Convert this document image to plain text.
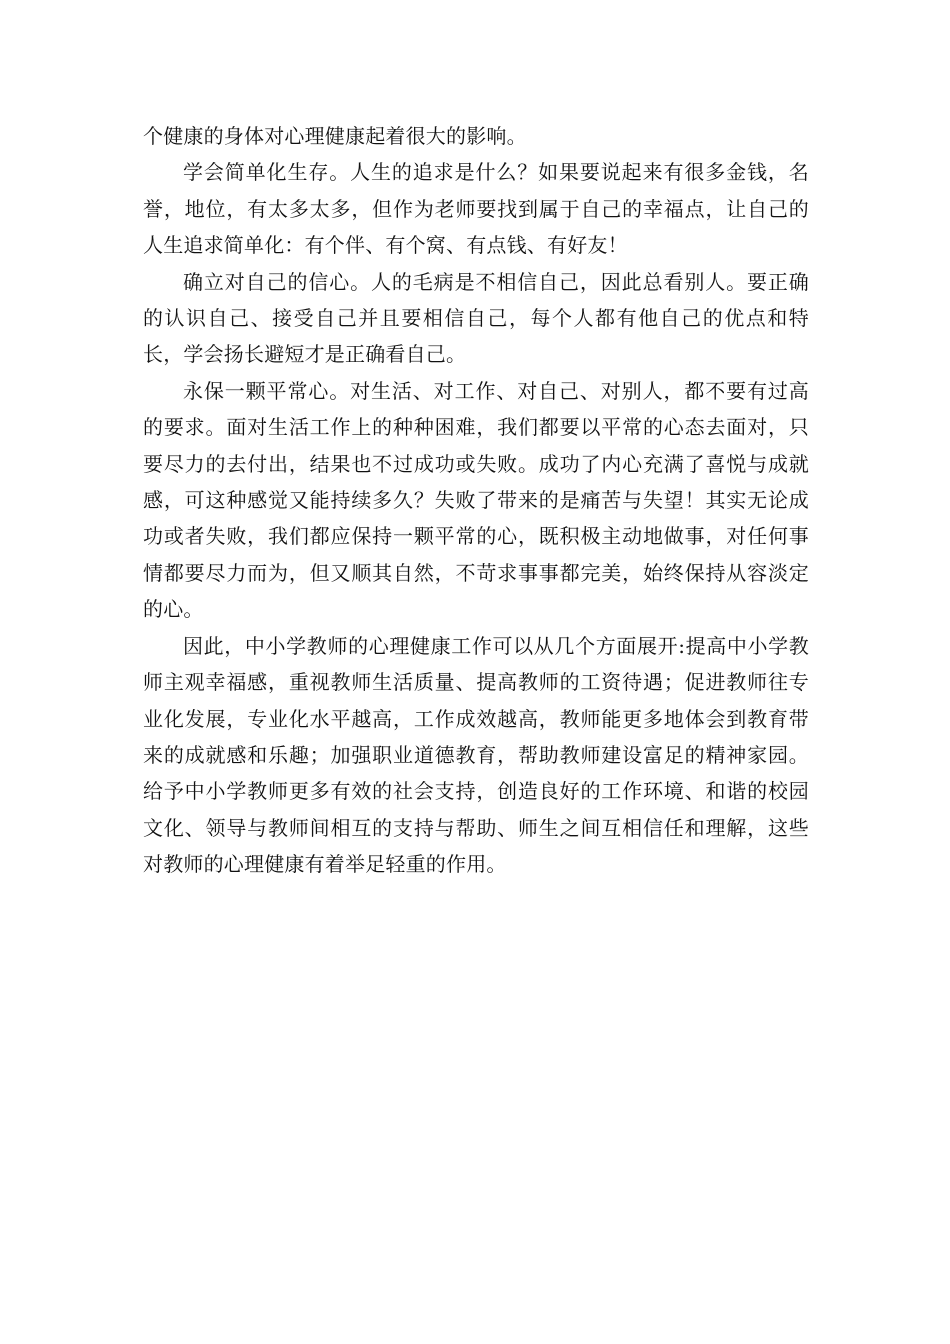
个健康的身体对心理健康起着很大的影响。

学会简单化生存。人生的追求是什么？如果要说起来有很多金钱，名誉，地位，有太多太多，但作为老师要找到属于自己的幸福点，让自己的人生追求简单化：有个伴、有个窝、有点钱、有好友！

确立对自己的信心。人的毛病是不相信自己，因此总看别人。要正确的认识自己、接受自己并且要相信自己，每个人都有他自己的优点和特长，学会扬长避短才是正确看自己。

永保一颗平常心。对生活、对工作、对自己、对别人，都不要有过高的要求。面对生活工作上的种种困难，我们都要以平常的心态去面对，只要尽力的去付出，结果也不过成功或失败。成功了内心充满了喜悦与成就感，可这种感觉又能持续多久？失败了带来的是痛苦与失望！其实无论成功或者失败，我们都应保持一颗平常的心，既积极主动地做事，对任何事情都要尽力而为，但又顺其自然，不苛求事事都完美，始终保持从容淡定的心。

因此，中小学教师的心理健康工作可以从几个方面展开:提高中小学教师主观幸福感，重视教师生活质量、提高教师的工资待遇；促进教师往专业化发展，专业化水平越高，工作成效越高，教师能更多地体会到教育带来的成就感和乐趣；加强职业道德教育，帮助教师建设富足的精神家园。给予中小学教师更多有效的社会支持，创造良好的工作环境、和谐的校园文化、领导与教师间相互的支持与帮助、师生之间互相信任和理解，这些对教师的心理健康有着举足轻重的作用。
